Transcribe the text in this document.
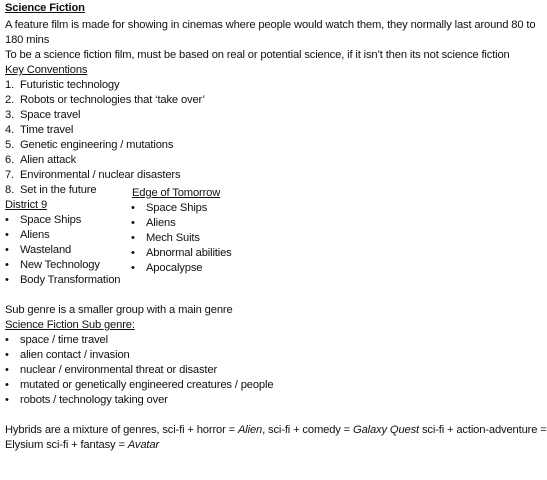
Science Fiction
A feature film is made for showing in cinemas where people would watch them, they normally last around 80 to
180 mins
To be a science fiction film, must be based on real or potential science, if it isn’t then its not science fiction
Key Conventions
1. Futuristic technology
2. Robots or technologies that ‘take over’
3. Space travel
4. Time travel
5. Genetic engineering / mutations
6. Alien attack
7. Environmental / nuclear disasters
8. Set in the future
District 9
• Space Ships
• Aliens
• Wasteland
• New Technology
• Body Transformation
Edge of Tomorrow
• Space Ships
• Aliens
• Mech Suits
• Abnormal abilities
• Apocalypse
Sub genre is a smaller group with a main genre
Science Fiction Sub genre:
• space / time travel
• alien contact / invasion
• nuclear / environmental threat or disaster
• mutated or genetically engineered creatures / people
• robots / technology taking over
Hybrids are a mixture of genres, sci-fi + horror = Alien, sci-fi + comedy = Galaxy Quest sci-fi + action-adventure =
Elysium sci-fi + fantasy = Avatar
